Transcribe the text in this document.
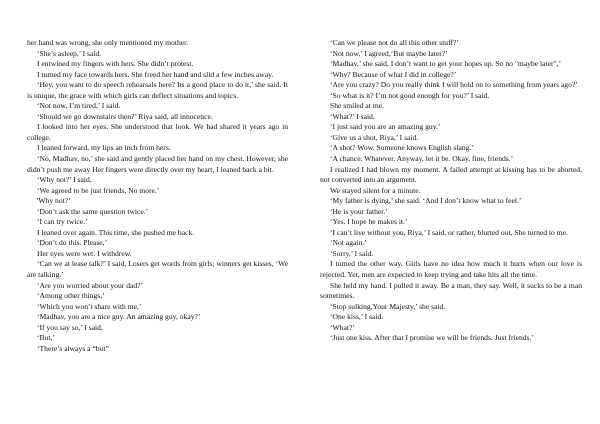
her hand was wrong, she only mentioned my mother.

‘She’s asleep,’ I said.

I entwined my fingers with hers. She didn’t protest.

I turned my face towards hers. She freed her hand and slid a few inches away.

‘Hey, you want to do speech rehearsals here? Its a good place to do it,’ she said. It is unique, the grace with which girls can deflect situations and topics.

‘Not now, I’m tired,’ I said.

‘Should we go downstairs then?’ Riya said, all innocence.

I looked into her eyes. She understood that look. We had shared it years ago in college.

I leaned forward, my lips an inch from hers.

‘No, Madhav, no,’ she said and gently placed her hand on my chest. However, she didn’t push me away Her fingers were directly over my heart, I leaned back a bit.

‘Why not?’ I said,

‘We agreed to be just friends, No more.’

'Why not?’

‘Don’t ask the same question twice.’

‘I can try twice.’

I leaned over again. This time, she pushed me back.

‘Don’t do this. Please,’

Her eyes were wet. I withdrew.

‘Can we at lease talk?’ I said, Losers get words from girls; winners get kisses, ‘We are talking.’

‘Are you worried about your dad?’

‘Among other things,’

‘Which you won’t share with me,’

‘Madhav, you are a nice guy. An amazing guy, okay?’

‘If you say so,’ I said,

‘But,’

‘There’s always a “but”

‘Can we please not do all this other stuff?’

‘Not now,’ I agreed,‘But maybe later?’

‘Madhav,’ she said, I don’t want to get your hopes up. So no "maybe later",’

‘Why? Because of what I did in college?’

‘Are you crazy? Do you really think I will hold on to something from years ago?’

‘So what is it? I’m not good enough for you?’ I said.

She smiled at me.

‘What?’ I said.

‘I just said you are an amazing guy.’

‘Give us a shot, Riya,’ I said.

‘A shot? Wow. Someone knows English slang.’

‘A chance. Whatever. Anyway, let it be. Okay, fine, friends.’

I realized I had blown my moment. A failed attempt at kissing has to be aborted, not converted into an argument.

We stayed silent for a minute.

‘My father is dying,’ she said. ‘And I don’t know what to feel.’

‘He is your father.’

‘Yes. I hope he makes it.’

‘I can’t live without you, Riya,’ I said, or rather, blurted out, She turned to me.

‘Not again.’

‘Sorry,’ I said.

I turned the other way. Girls have no idea how much it hurts when our love is rejected. Yet, men are expected to keep trying and take hits all the time.

She held my hand. I pulled it away. Be a man, they say. Well, it sucks to be a man sometimes.

‘Stop sulking,Your Majesty,’ she said.

‘One kiss,’ I said.

‘What?’

‘Just one kiss. After that I promise we will be friends. Just friends.’
